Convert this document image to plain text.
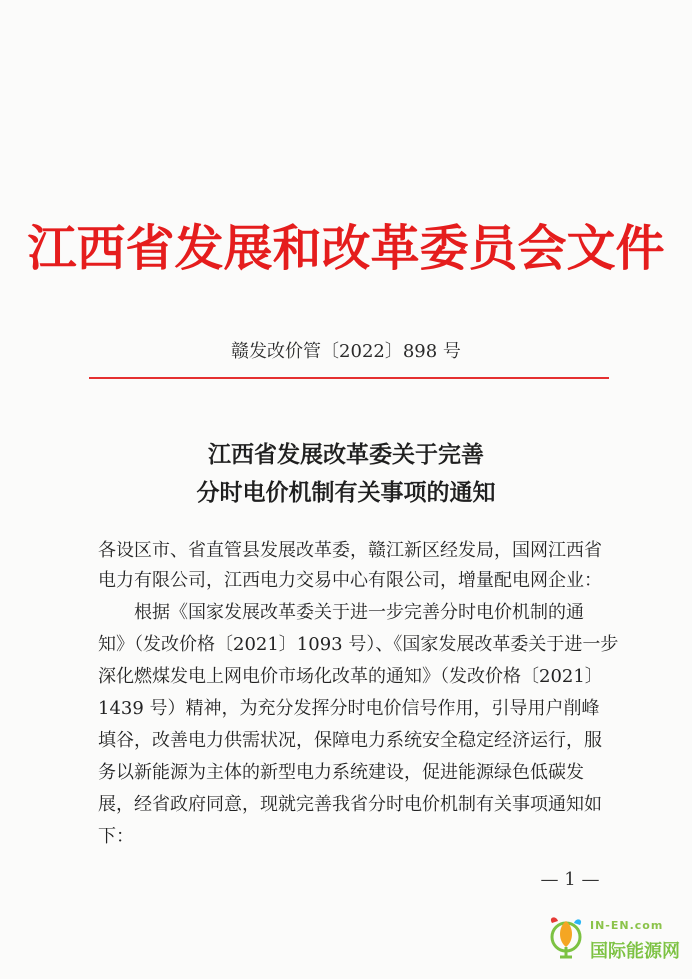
江西省发展和改革委员会文件
赣发改价管〔2022〕898 号
江西省发展改革委关于完善
分时电价机制有关事项的通知
各设区市、省直管县发展改革委，赣江新区经发局，国网江西省
电力有限公司，江西电力交易中心有限公司，增量配电网企业：
根据《国家发展改革委关于进一步完善分时电价机制的通
知》（发改价格〔2021〕1093 号）、《国家发展改革委关于进一步
深化燃煤发电上网电价市场化改革的通知》（发改价格〔2021〕
1439 号）精神，为充分发挥分时电价信号作用，引导用户削峰
填谷，改善电力供需状况，保障电力系统安全稳定经济运行，服
务以新能源为主体的新型电力系统建设，促进能源绿色低碳发
展，经省政府同意，现就完善我省分时电价机制有关事项通知如
下：
— 1 —
IN-EN.com
国际能源网
